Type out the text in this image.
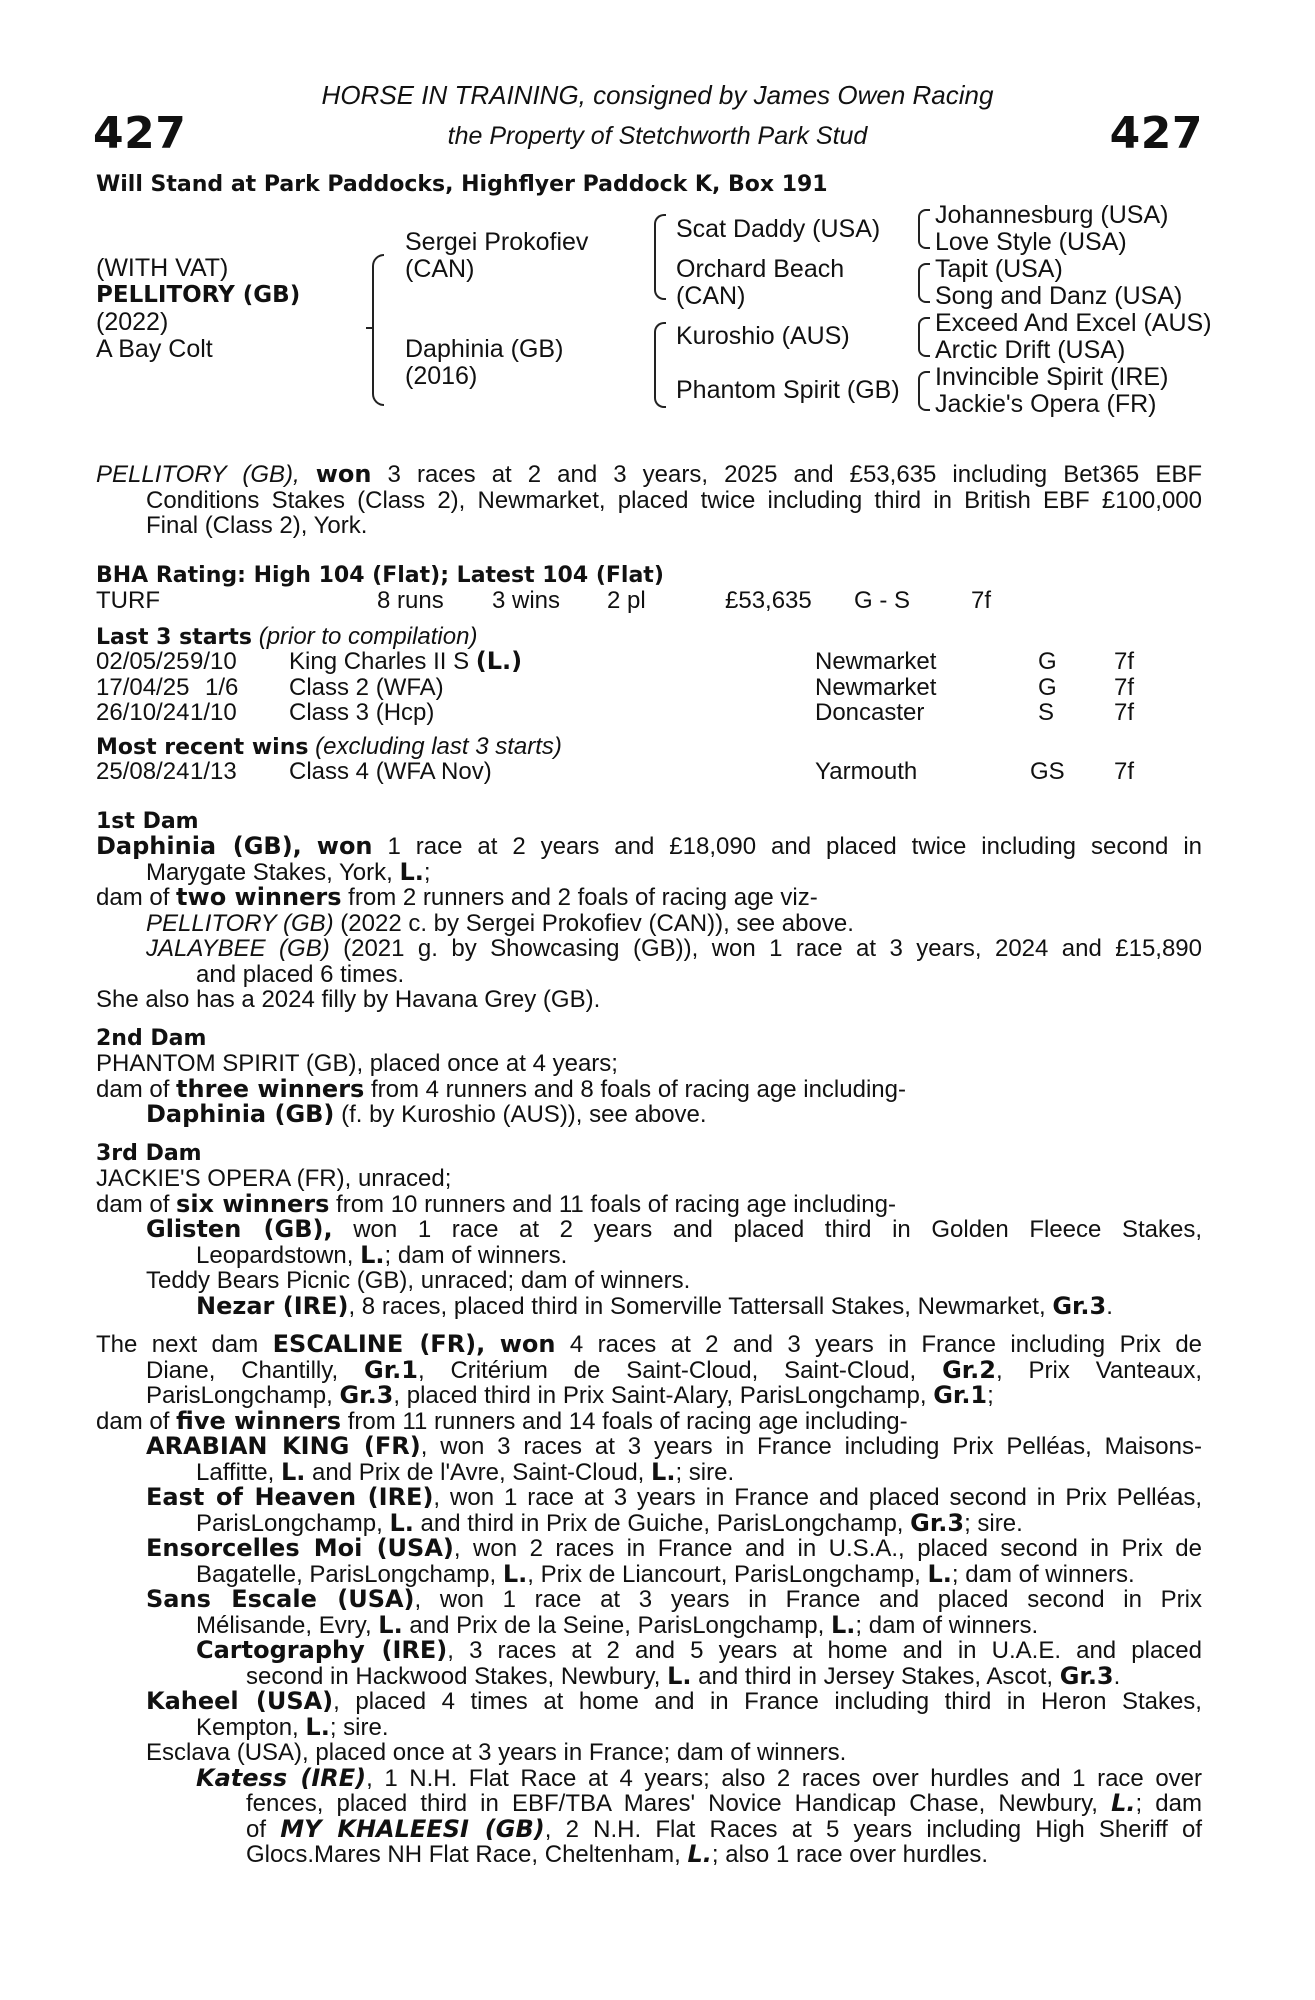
427	427
HORSE IN TRAINING, consigned by James Owen Racing
the Property of Stetchworth Park Stud
Will Stand at Park Paddocks, Highflyer Paddock K, Box 191
(WITH VAT)
PELLITORY (GB)
(2022)
A Bay Colt
Sergei Prokofiev
(CAN)
Daphinia (GB)
(2016)
Scat Daddy (USA)
Orchard Beach
(CAN)
Kuroshio (AUS)
Phantom Spirit (GB)
Johannesburg (USA)
Love Style (USA)
Tapit (USA)
Song and Danz (USA)
Exceed And Excel (AUS)
Arctic Drift (USA)
Invincible Spirit (IRE)
Jackie's Opera (FR)
PELLITORY (GB), won 3 races at 2 and 3 years, 2025 and £53,635 including Bet365 EBF
Conditions Stakes (Class 2), Newmarket, placed twice including third in British EBF £100,000
Final (Class 2), York.
BHA Rating: High 104 (Flat); Latest 104 (Flat)
TURF	8 runs 3 wins 2 pl	£53,635 G - S	7f
Last 3 starts (prior to compilation)
02/05/25 9/10 King Charles II S (L.)	Newmarket	G 7f
17/04/25 1/6 Class 2 (WFA)	Newmarket	G 7f
26/10/24 1/10 Class 3 (Hcp)	Doncaster	S 7f
Most recent wins (excluding last 3 starts)
25/08/24 1/13 Class 4 (WFA Nov)	Yarmouth	GS 7f
1st Dam
Daphinia (GB), won 1 race at 2 years and £18,090 and placed twice including second in
Marygate Stakes, York, L.;
dam of two winners from 2 runners and 2 foals of racing age viz-
PELLITORY (GB) (2022 c. by Sergei Prokofiev (CAN)), see above.
JALAYBEE (GB) (2021 g. by Showcasing (GB)), won 1 race at 3 years, 2024 and £15,890
and placed 6 times.
She also has a 2024 filly by Havana Grey (GB).
2nd Dam
PHANTOM SPIRIT (GB), placed once at 4 years;
dam of three winners from 4 runners and 8 foals of racing age including-
Daphinia (GB) (f. by Kuroshio (AUS)), see above.
3rd Dam
JACKIE'S OPERA (FR), unraced;
dam of six winners from 10 runners and 11 foals of racing age including-
Glisten (GB), won 1 race at 2 years and placed third in Golden Fleece Stakes,
Leopardstown, L.; dam of winners.
Teddy Bears Picnic (GB), unraced; dam of winners.
Nezar (IRE), 8 races, placed third in Somerville Tattersall Stakes, Newmarket, Gr.3.
The next dam ESCALINE (FR), won 4 races at 2 and 3 years in France including Prix de
Diane, Chantilly, Gr.1, Critérium de Saint-Cloud, Saint-Cloud, Gr.2, Prix Vanteaux,
ParisLongchamp, Gr.3, placed third in Prix Saint-Alary, ParisLongchamp, Gr.1;
dam of five winners from 11 runners and 14 foals of racing age including-
ARABIAN KING (FR), won 3 races at 3 years in France including Prix Pelléas, Maisons-
Laffitte, L. and Prix de l'Avre, Saint-Cloud, L.; sire.
East of Heaven (IRE), won 1 race at 3 years in France and placed second in Prix Pelléas,
ParisLongchamp, L. and third in Prix de Guiche, ParisLongchamp, Gr.3; sire.
Ensorcelles Moi (USA), won 2 races in France and in U.S.A., placed second in Prix de
Bagatelle, ParisLongchamp, L., Prix de Liancourt, ParisLongchamp, L.; dam of winners.
Sans Escale (USA), won 1 race at 3 years in France and placed second in Prix
Mélisande, Evry, L. and Prix de la Seine, ParisLongchamp, L.; dam of winners.
Cartography (IRE), 3 races at 2 and 5 years at home and in U.A.E. and placed
second in Hackwood Stakes, Newbury, L. and third in Jersey Stakes, Ascot, Gr.3.
Kaheel (USA), placed 4 times at home and in France including third in Heron Stakes,
Kempton, L.; sire.
Esclava (USA), placed once at 3 years in France; dam of winners.
Katess (IRE), 1 N.H. Flat Race at 4 years; also 2 races over hurdles and 1 race over
fences, placed third in EBF/TBA Mares' Novice Handicap Chase, Newbury, L.; dam
of MY KHALEESI (GB), 2 N.H. Flat Races at 5 years including High Sheriff of
Glocs.Mares NH Flat Race, Cheltenham, L.; also 1 race over hurdles.
